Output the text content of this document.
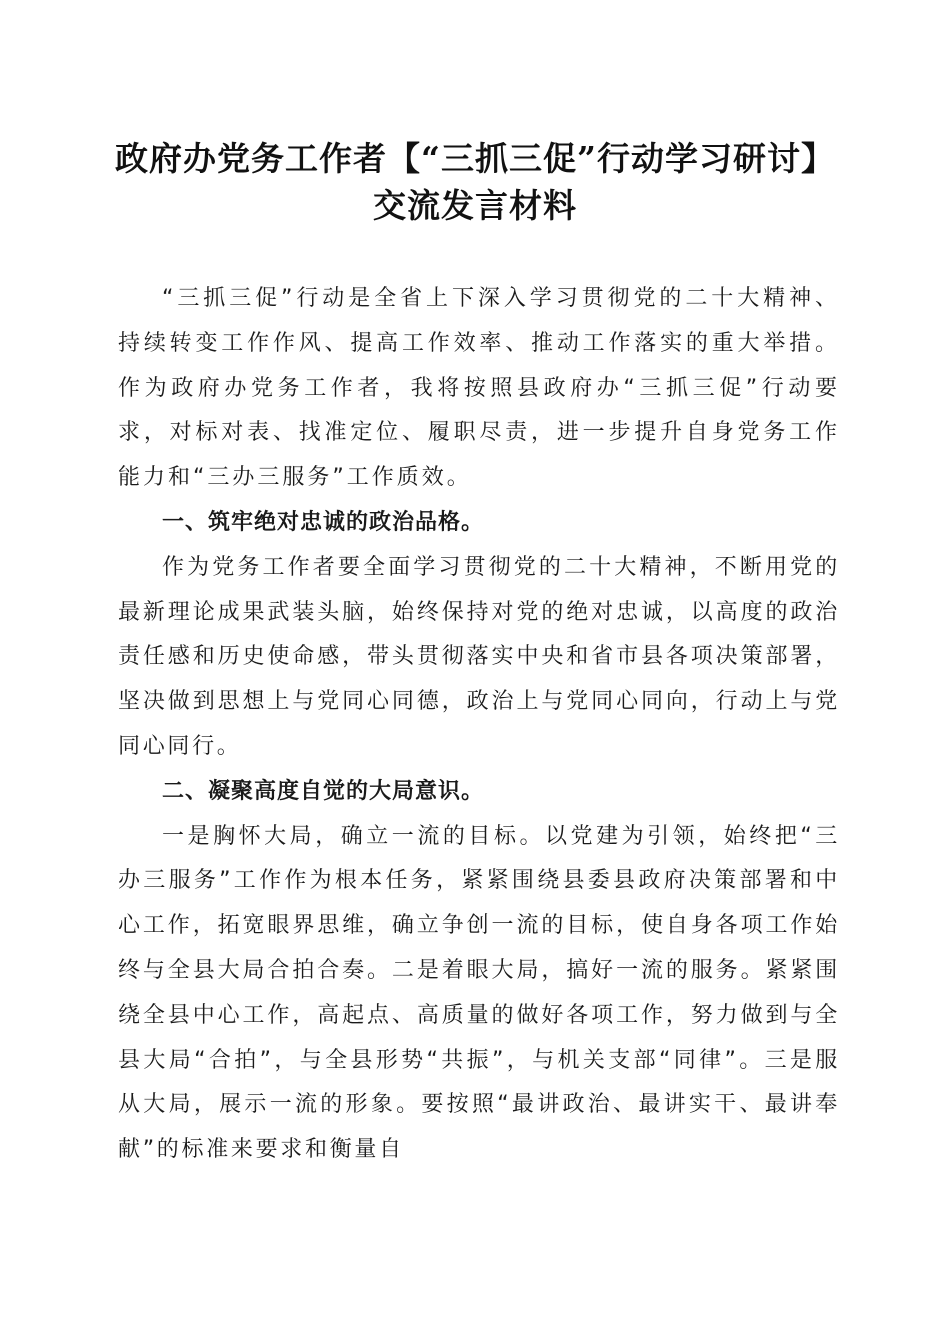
政府办党务工作者【“三抓三促”行动学习研讨】交流发言材料

“三抓三促”行动是全省上下深入学习贯彻党的二十大精神、持续转变工作作风、提高工作效率、推动工作落实的重大举措。作为政府办党务工作者，我将按照县政府办“三抓三促”行动要求，对标对表、找准定位、履职尽责，进一步提升自身党务工作能力和“三办三服务”工作质效。

一、筑牢绝对忠诚的政治品格。

作为党务工作者要全面学习贯彻党的二十大精神，不断用党的最新理论成果武装头脑，始终保持对党的绝对忠诚，以高度的政治责任感和历史使命感，带头贯彻落实中央和省市县各项决策部署，坚决做到思想上与党同心同德，政治上与党同心同向，行动上与党同心同行。

二、凝聚高度自觉的大局意识。

一是胸怀大局，确立一流的目标。以党建为引领，始终把“三办三服务”工作作为根本任务，紧紧围绕县委县政府决策部署和中心工作，拓宽眼界思维，确立争创一流的目标，使自身各项工作始终与全县大局合拍合奏。二是着眼大局，搞好一流的服务。紧紧围绕全县中心工作，高起点、高质量的做好各项工作，努力做到与全县大局“合拍”，与全县形势“共振”，与机关支部“同律”。三是服从大局，展示一流的形象。要按照“最讲政治、最讲实干、最讲奉献”的标准来要求和衡量自
